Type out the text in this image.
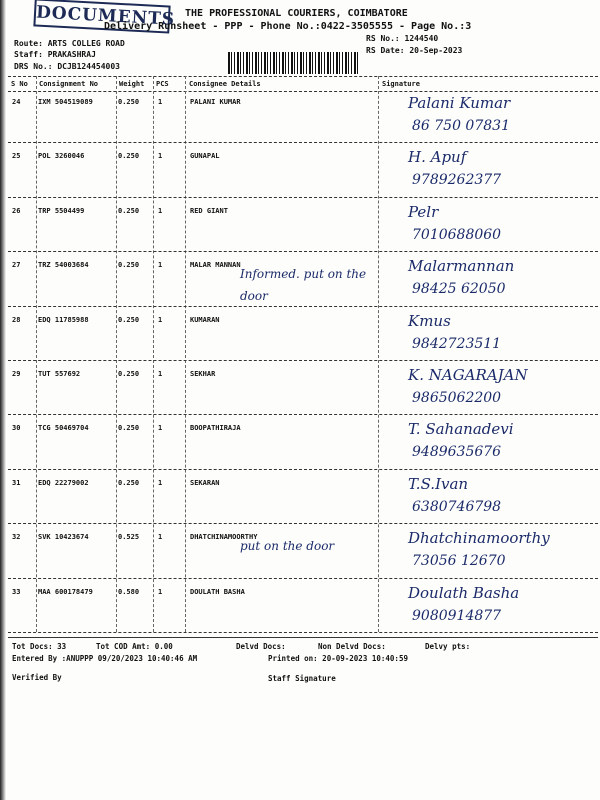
DOCUMENTS THE PROFESSIONAL COURIERS, COIMBATORE
Delivery Runsheet - PPP - Phone No.:0422-3505555 - Page No.:3
Route: ARTS COLLEG ROAD
Staff: PRAKASHRAJ
DRS No.: DCJB124454003
RS No.: 1244540
RS Date: 20-Sep-2023
S No Consignment No	Weight PCS	Consignee Details	Signature
24	IXM 504519089	0.250	1	PALANI KUMAR	Palani Kumar
86 750 07831
25	POL 3260046	0.250	1	GUNAPAL	H. Apuf
9789262377
26	TRP 5504499	0.250	1	RED GIANT	Pelr
7010688060
27	TRZ 54003684	0.250	1	MALAR MANNAN	Malarmannan
98425 62050
Informed. put on the door
28	EDQ 11785988	0.250	1	KUMARAN	Kmus
9842723511
29	TUT 557692	0.250	1	SEKHAR	K. NAGARAJAN
9865062200
30	TCG 50469704	0.250	1	BOOPATHIRAJA	T. Sahanadevi
9489635676
31	EDQ 22279002	0.250	1	SEKARAN	T.S.Ivan
6380746798
32	SVK 10423674	0.525	1	DHATCHINAMOORTHY	Dhatchinamoorthy
73056 12670
put on the door
33	MAA 600178479	0.580	1	DOULATH BASHA	Doulath Basha
9080914877
Tot Docs: 33	Tot COD Amt: 0.00	Delvd Docs:	Non Delvd Docs:	Delvy pts:
Entered By :ANUPPP 09/20/2023 10:40:46 AM	Printed on: 20-09-2023 10:40:59
Verified By	Staff Signature
